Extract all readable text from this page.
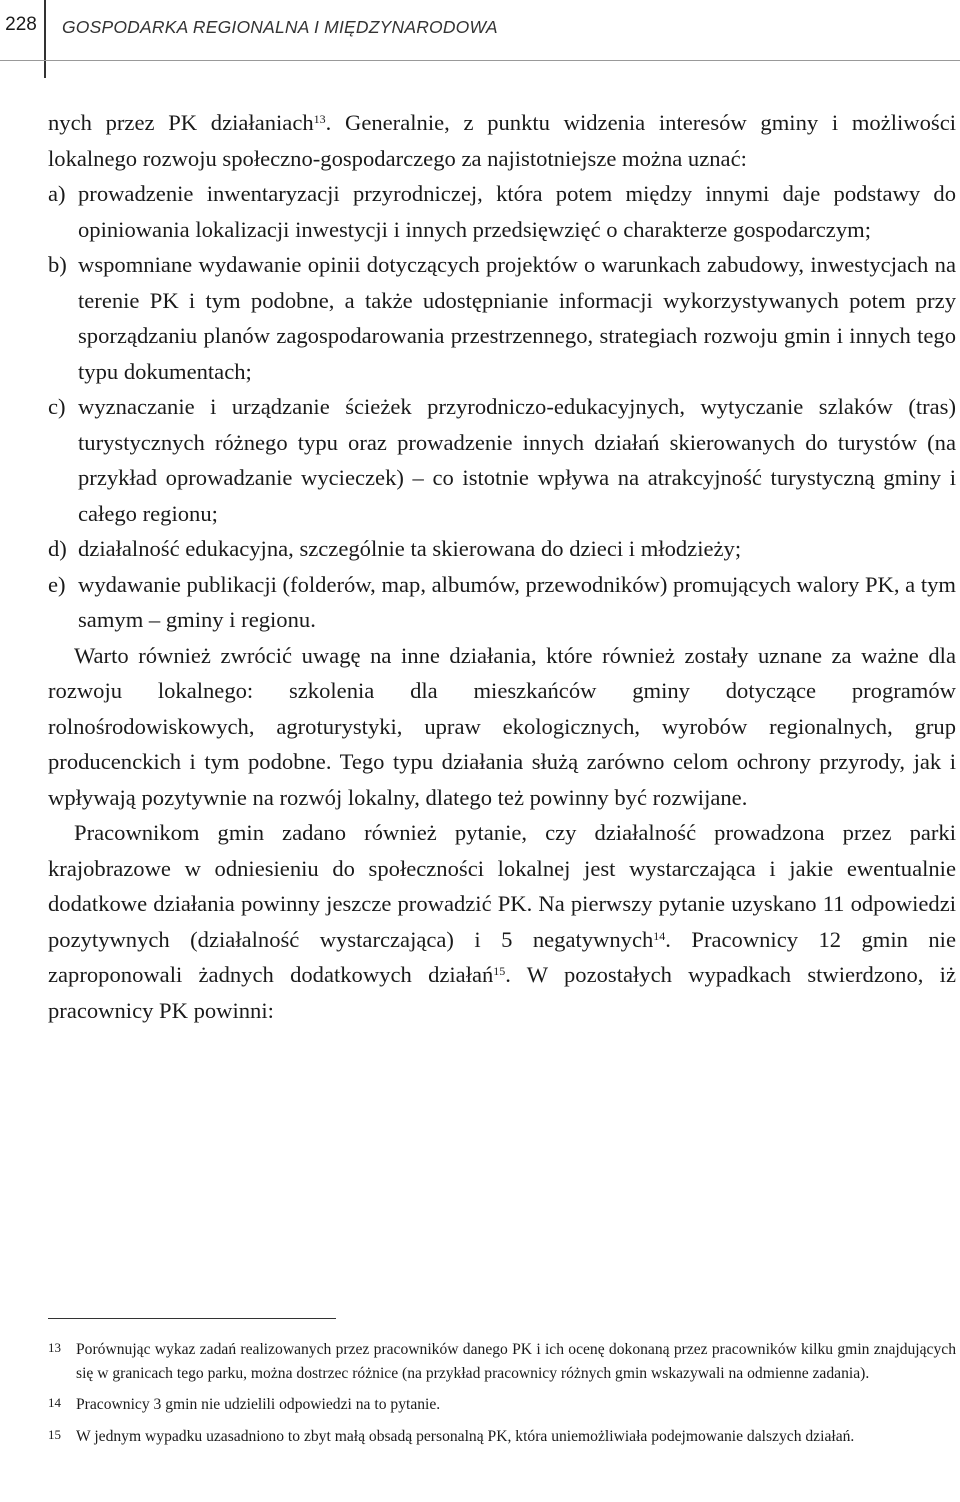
228 GOSPODARKA REGIONALNA I MIĘDZYNARODOWA

nych przez PK działaniach$^{13}$. Generalnie, z punktu widzenia interesów gminy i możliwości lokalnego rozwoju społeczno-gospodarczego za najistotniejsze można uznać:

a) prowadzenie inwentaryzacji przyrodniczej, która potem między innymi daje podstawy do opiniowania lokalizacji inwestycji i innych przedsięwzięć o charakterze gospodarczym;
b) wspomniane wydawanie opinii dotyczących projektów o warunkach zabudowy, inwestycjach na terenie PK i tym podobne, a także udostępnianie informacji wykorzystywanych potem przy sporządzaniu planów zagospodarowania przestrzennego, strategiach rozwoju gmin i innych tego typu dokumentach;
c) wyznaczanie i urządzanie ścieżek przyrodniczo-edukacyjnych, wytyczanie szlaków (tras) turystycznych różnego typu oraz prowadzenie innych działań skierowanych do turystów (na przykład oprowadzanie wycieczek) – co istotnie wpływa na atrakcyjność turystyczną gminy i całego regionu;
d) działalność edukacyjna, szczególnie ta skierowana do dzieci i młodzieży;
e) wydawanie publikacji (folderów, map, albumów, przewodników) promujących walory PK, a tym samym – gminy i regionu.

Warto również zwrócić uwagę na inne działania, które również zostały uznane za ważne dla rozwoju lokalnego: szkolenia dla mieszkańców gminy dotyczące programów rolnośrodowiskowych, agroturystyki, upraw ekologicznych, wyrobów regionalnych, grup producenckich i tym podobne. Tego typu działania służą zarówno celom ochrony przyrody, jak i wpływają pozytywnie na rozwój lokalny, dlatego też powinny być rozwijane.

Pracownikom gmin zadano również pytanie, czy działalność prowadzona przez parki krajobrazowe w odniesieniu do społeczności lokalnej jest wystarczająca i jakie ewentualnie dodatkowe działania powinny jeszcze prowadzić PK. Na pierwszy pytanie uzyskano 11 odpowiedzi pozytywnych (działalność wystarczająca) i 5 negatywnych$^{14}$. Pracownicy 12 gmin nie zaproponowali żadnych dodatkowych działań$^{15}$. W pozostałych wypadkach stwierdzono, iż pracownicy PK powinni:

13 Porównując wykaz zadań realizowanych przez pracowników danego PK i ich ocenę dokonaną przez pracowników kilku gmin znajdujących się w granicach tego parku, można dostrzec różnice (na przykład pracownicy różnych gmin wskazywali na odmienne zadania).
14 Pracownicy 3 gmin nie udzielili odpowiedzi na to pytanie.
15 W jednym wypadku uzasadniono to zbyt małą obsadą personalną PK, która uniemożliwiała podejmowanie dalszych działań.
